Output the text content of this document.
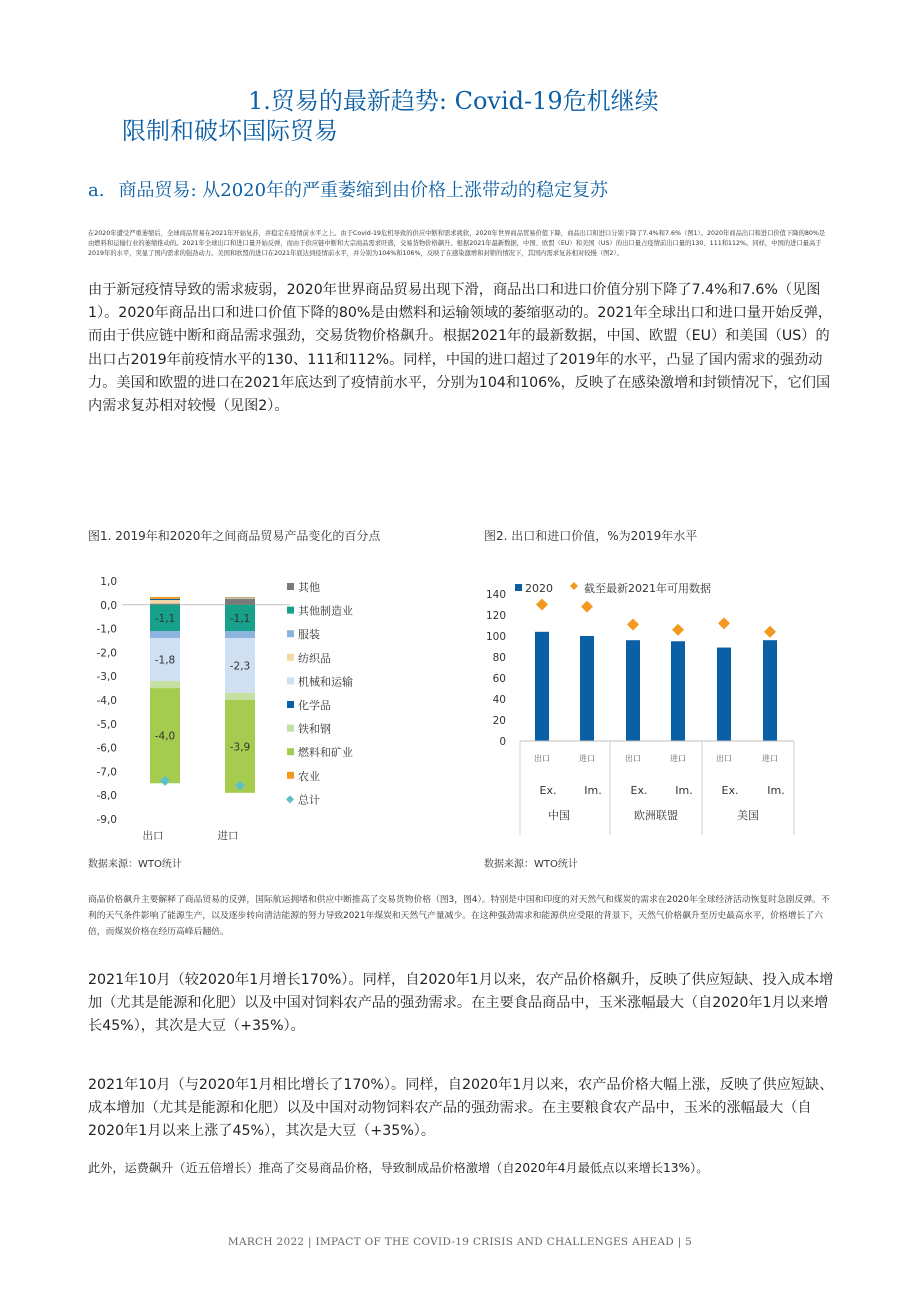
1.贸易的最新趋势: Covid-19危机继续
限制和破坏国际贸易
a. 商品贸易: 从2020年的严重萎缩到由价格上涨带动的稳定复苏
在2020年遭受严重萎缩后，全球商品贸易在2021年开始复苏，并稳定在疫情前水平之上。由于Covid-19危机导致的供应中断和需求疲软，2020年世界商品贸易价值下降，商品出口和进口分别下降了7.4%和7.6%（图1）。2020年商品出口和进口价值下降的80%是由燃料和运输行业的萎缩推动的。2021年全球出口和进口量开始反弹，而由于供应链中断和大宗商品需求旺盛，交易货物价格飙升。根据2021年最新数据，中国、欧盟（EU）和美国（US）的出口量占疫情前出口量的130、111和112%。同样，中国的进口量高于2019年的水平，突显了国内需求的强劲动力。美国和欧盟的进口在2021年底达到疫情前水平，并分别为104%和106%，反映了在感染激增和封锁的情况下，其国内需求复苏相对较慢（图2）。
由于新冠疫情导致的需求疲弱，2020年世界商品贸易出现下滑，商品出口和进口价值分别下降了7.4%和7.6%（见图1）。2020年商品出口和进口价值下降的80%是由燃料和运输领域的萎缩驱动的。2021年全球出口和进口量开始反弹，而由于供应链中断和商品需求强劲，交易货物价格飙升。根据2021年的最新数据，中国、欧盟（EU）和美国（US）的出口占2019年前疫情水平的130、111和112%。同样，中国的进口超过了2019年的水平，凸显了国内需求的强劲动力。美国和欧盟的进口在2021年底达到了疫情前水平，分别为104和106%，反映了在感染激增和封锁情况下，它们国内需求复苏相对较慢（见图2）。
图1. 2019年和2020年之间商品贸易产品变化的百分点
1,0
0,0
-1,0
-2,0
-3,0
-4,0
-5,0
-6,0
-7,0
-8,0
-9,0
-1,1
-1,8
-4,0
出口
-1,1
-2,3
-3,9
进口
其他
其他制造业
服装
纺织品
机械和运输
化学品
铁和钢
燃料和矿业
农业
总计
数据来源：WTO统计
图2. 出口和进口价值，%为2019年水平
140
120
100
80
60
40
20
0
2020	截至最新2021年可用数据
出口
Ex.
进口
Im.
出口
Ex.
进口
Im.
出口
Ex.
进口
Im.
中国	欧洲联盟	美国
数据来源：WTO统计
商品价格飙升主要解释了商品贸易的反弹，国际航运拥堵和供应中断推高了交易货物价格（图3，图4）。特别是中国和印度的对天然气和煤炭的需求在2020年全球经济活动恢复时急剧反弹。不利的天气条件影响了能源生产，以及逐步转向清洁能源的努力导致2021年煤炭和天然气产量减少。在这种强劲需求和能源供应受限的背景下，天然气价格飙升至历史最高水平，价格增长了六倍，而煤炭价格在经历高峰后翻倍。
2021年10月（较2020年1月增长170%）。同样，自2020年1月以来，农产品价格飙升，反映了供应短缺、投入成本增加（尤其是能源和化肥）以及中国对饲料农产品的强劲需求。在主要食品商品中，玉米涨幅最大（自2020年1月以来增长45%），其次是大豆（+35%）。
2021年10月（与2020年1月相比增长了170%）。同样，自2020年1月以来，农产品价格大幅上涨，反映了供应短缺、成本增加（尤其是能源和化肥）以及中国对动物饲料农产品的强劲需求。在主要粮食农产品中，玉米的涨幅最大（自2020年1月以来上涨了45%），其次是大豆（+35%）。
此外，运费飙升（近五倍增长）推高了交易商品价格，导致制成品价格激增（自2020年4月最低点以来增长13%）。
MARCH 2022 | IMPACT OF THE COVID-19 CRISIS AND CHALLENGES AHEAD | 5
